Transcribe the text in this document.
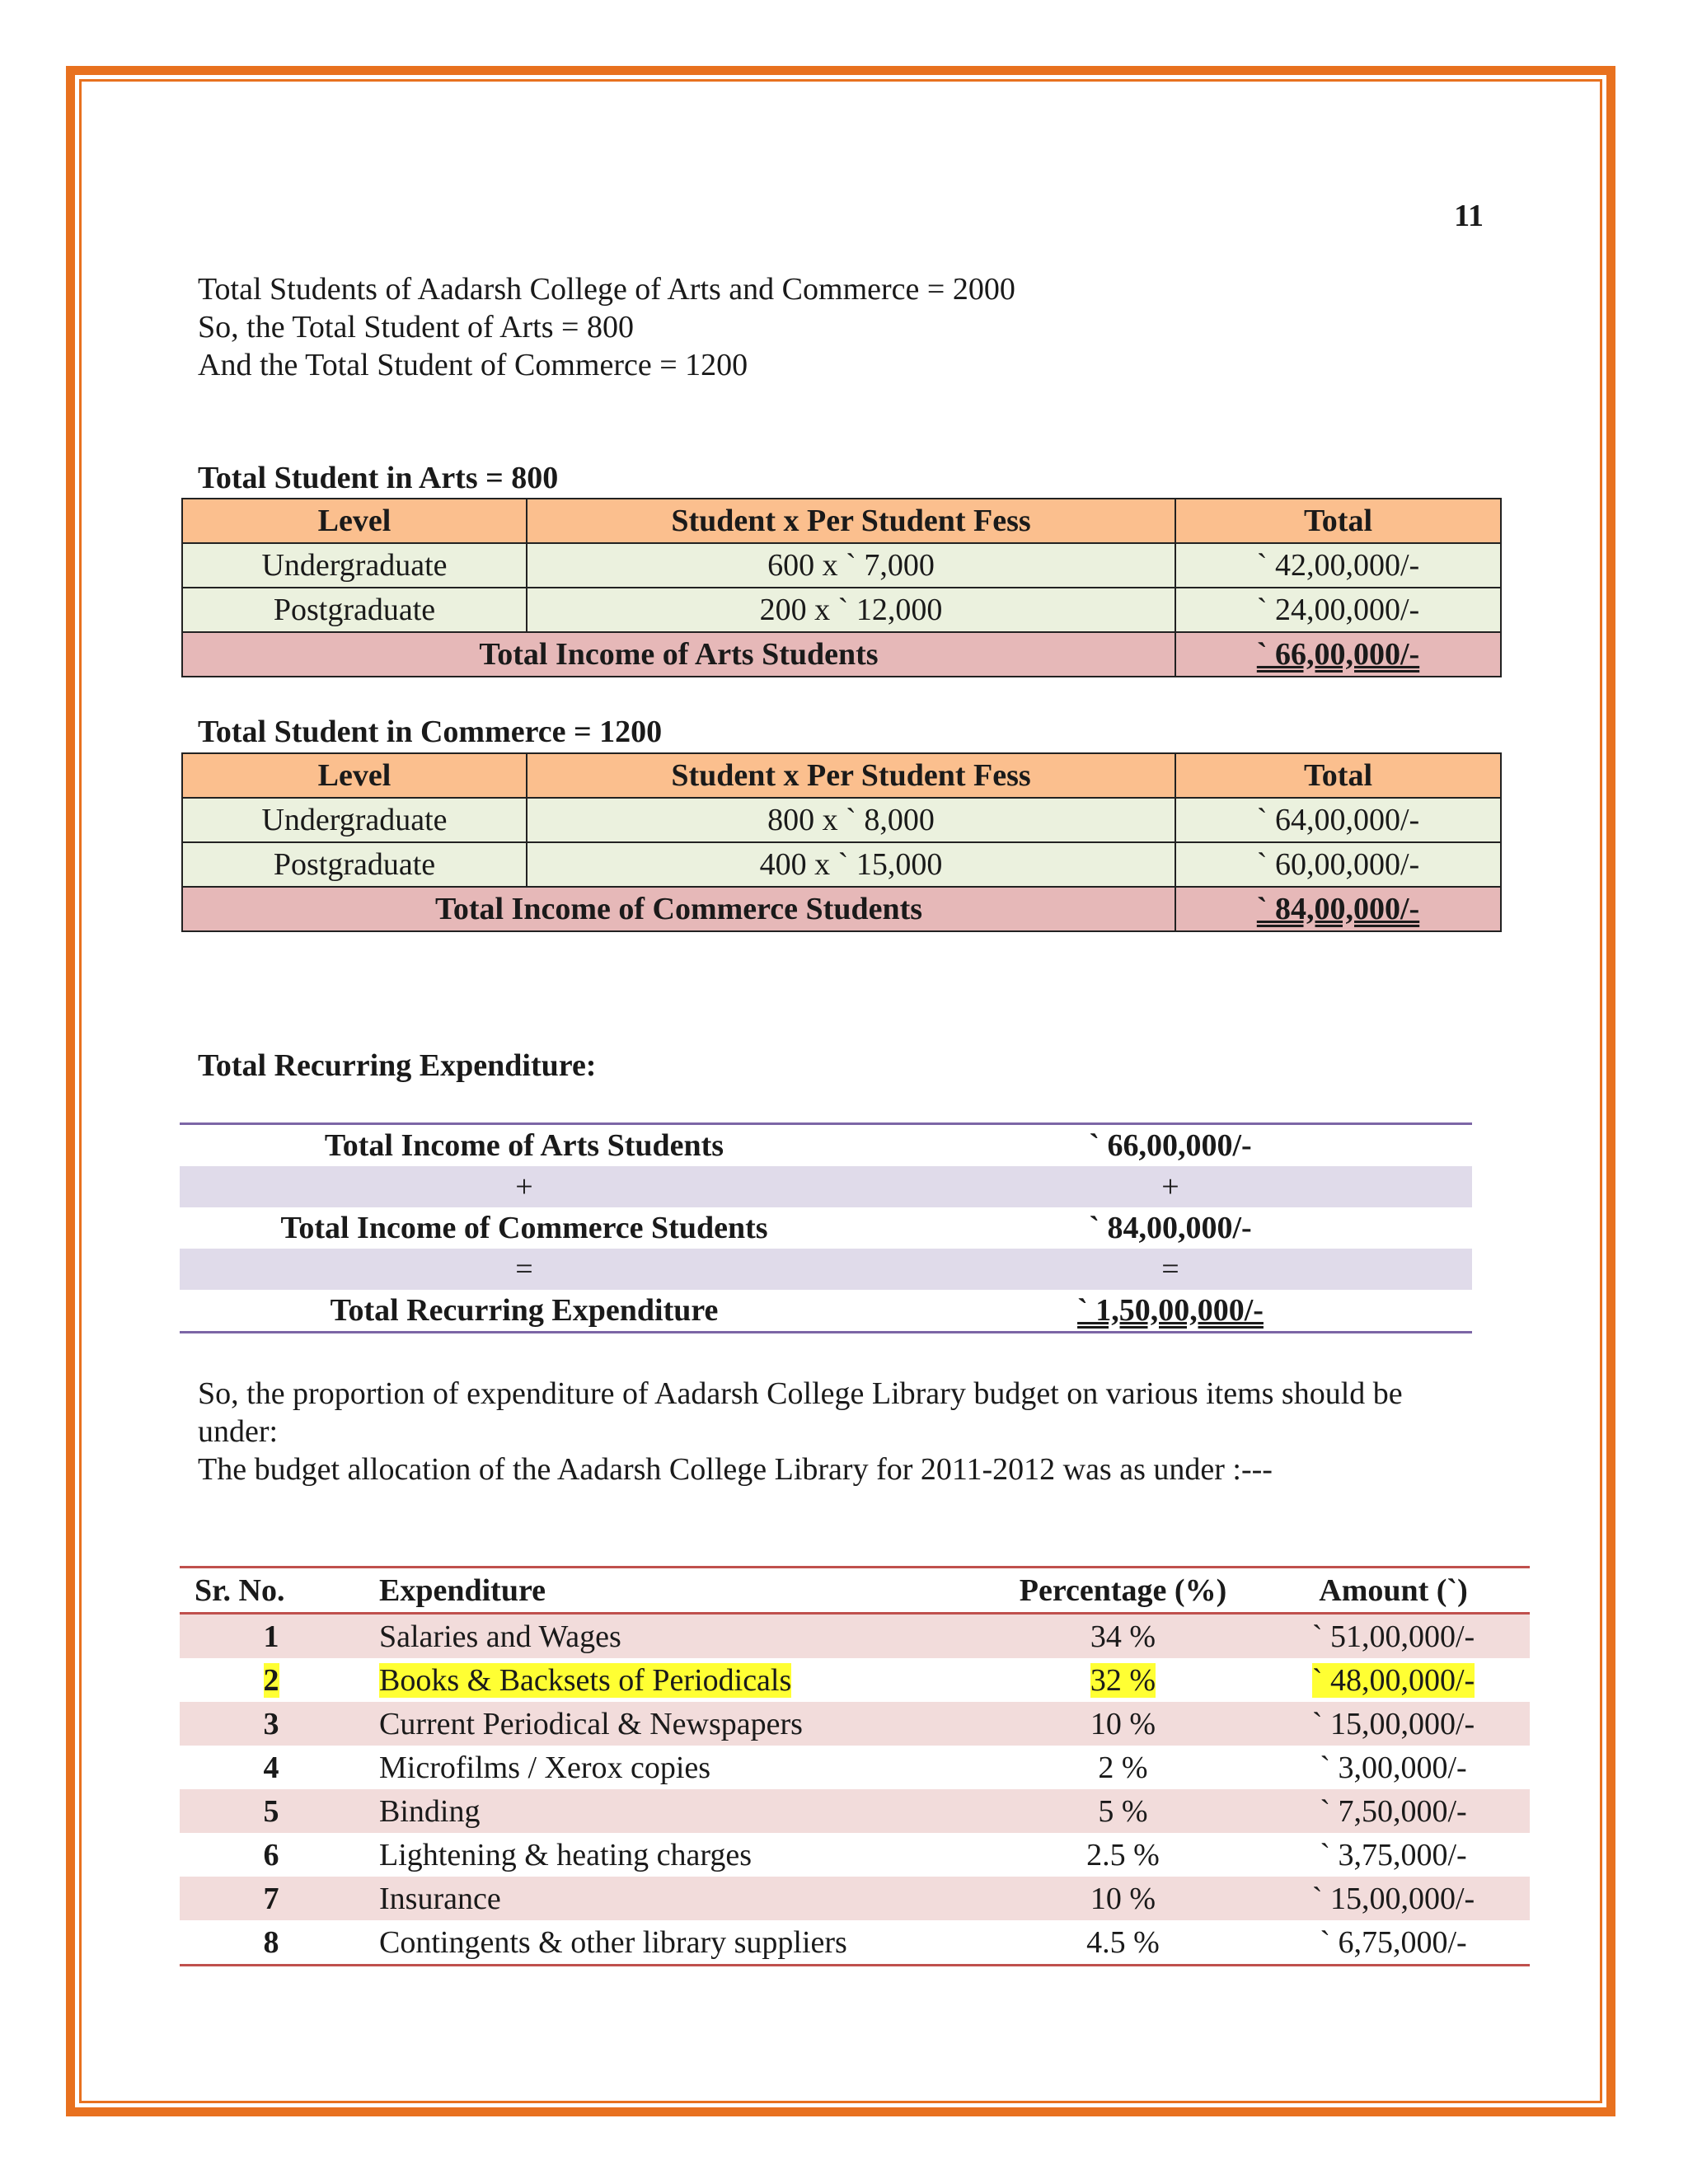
11

Total Students of Aadarsh College of Arts and Commerce = 2000

So, the Total Student of Arts = 800

And the Total Student of Commerce = 1200

Total Student in Arts = 800
Level	Student x Per Student Fess	Total
Undergraduate	600 x ` 7,000	` 42,00,000/-
Postgraduate	200 x ` 12,000	` 24,00,000/-
Total Income of Arts Students		` 66,00,000/-
Total Student in Commerce = 1200
Level	Student x Per Student Fess	Total
Undergraduate	800 x ` 8,000	` 64,00,000/-
Postgraduate	400 x ` 15,000	` 60,00,000/-
Total Income of Commerce Students		` 84,00,000/-
Total Recurring Expenditure:
Total Income of Arts Students	` 66,00,000/-
+	+
Total Income of Commerce Students	` 84,00,000/-
=	=
Total Recurring Expenditure	` 1,50,00,000/-

So, the proportion of expenditure of Aadarsh College Library budget on various items should be under:

The budget allocation of the Aadarsh College Library for 2011-2012 was as under :---

Sr. No.	Expenditure	Percentage (%)	Amount (`)
1	Salaries and Wages	34 %	` 51,00,000/-
2	Books & Backsets of Periodicals	32 %	` 48,00,000/-
3	Current Periodical & Newspapers	10 %	` 15,00,000/-
4	Microfilms / Xerox copies	2 %	` 3,00,000/-
5	Binding	5 %	` 7,50,000/-
6	Lightening & heating charges	2.5 %	` 3,75,000/-
7	Insurance	10 %	` 15,00,000/-
8	Contingents & other library suppliers	4.5 %	` 6,75,000/-
